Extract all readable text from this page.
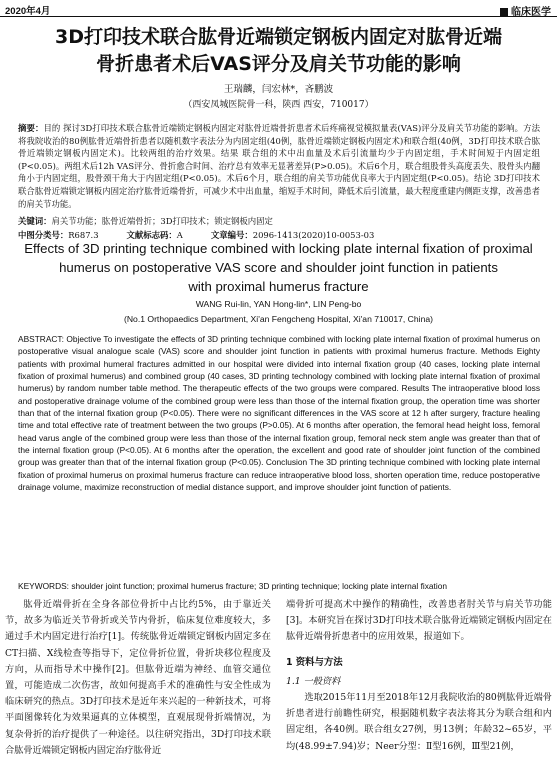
2020年4月	临床医学
3D打印技术联合肱骨近端锁定钢板内固定对肱骨近端
骨折患者术后VAS评分及肩关节功能的影响
王瑞麟，闫宏林*，吝鹏波
（西安凤城医院骨一科，陕西 西安，710017）
摘要：目的 探讨3D打印技术联合肱骨近端锁定钢板内固定对肱骨近端骨折患者术后疼痛视觉模拟量表(VAS)评分及肩关节功能的影响。方法 将我院收治的80例肱骨近端骨折患者以随机数字表法分为内固定组(40例，肱骨近端锁定钢板内固定术)和联合组(40例，3D打印技术联合肱骨近端锁定钢板内固定术)。比较两组的治疗效果。结果 联合组的术中出血量及术后引流量均少于内固定组，手术时间短于内固定组(P<0.05)。两组术后12h VAS评分、骨折愈合时间、治疗总有效率无显著差异(P>0.05)。术后6个月，联合组股骨头高度丢失、股骨头内翻角小于内固定组，股骨颈干角大于内固定组(P<0.05)。术后6个月，联合组的肩关节功能优良率大于内固定组(P<0.05)。结论 3D打印技术联合肱骨近端锁定钢板内固定治疗肱骨近端骨折，可减少术中出血量，缩短手术时间，降低术后引流量，最大程度重建内侧距支撑，改善患者的肩关节功能。
关键词：肩关节功能；肱骨近端骨折；3D打印技术；锁定钢板内固定
中图分类号：R687.3	文献标志码：A	文章编号：2096-1413(2020)10-0053-03
Effects of 3D printing technique combined with locking plate internal fixation of proximal
humerus on postoperative VAS score and shoulder joint function in patients
with proximal humerus fracture
WANG Rui-lin, YAN Hong-lin*, LIN Peng-bo
(No.1 Orthopaedics Department, Xi'an Fengcheng Hospital, Xi'an 710017, China)
ABSTRACT: Objective To investigate the effects of 3D printing technique combined with locking plate internal fixation of proximal humerus on postoperative visual analogue scale (VAS) score and shoulder joint function in patients with proximal humerus fracture. Methods Eighty patients with proximal humeral fractures admitted in our hospital were divided into internal fixation group (40 cases, locking plate internal fixation of proximal humerus) and combined group (40 cases, 3D printing technology combined with locking plate internal fixation of proximal humerus) by random number table method. The therapeutic effects of the two groups were compared. Results The intraoperative blood loss and postoperative drainage volume of the combined group were less than those of the internal fixation group, the operation time was shorter than that of the internal fixation group (P<0.05). There were no significant differences in the VAS score at 12 h after surgery, fracture healing time and total effective rate of treatment between the two groups (P>0.05). At 6 months after operation, the femoral head height loss, femoral head varus angle of the combined group were less than those of the internal fixation group, femoral neck stem angle was greater than that of the internal fixation group (P<0.05). At 6 months after the operation, the excellent and good rate of shoulder joint function of the combined group was greater than that of the internal fixation group (P<0.05). Conclusion The 3D printing technique combined with locking plate internal fixation of proximal humerus on proximal humerus fracture can reduce intraoperative blood loss, shorten operation time, reduce postoperative drainage volume, maximize reconstruction of medial distance support, and improve shoulder joint function of patients.
KEYWORDS: shoulder joint function; proximal humerus fracture; 3D printing technique; locking plate internal fixation

肱骨近端骨折在全身各部位骨折中占比约5%，由于靠近关节，故多为临近关节骨折或关节内骨折，临床复位难度较大，多通过手术内固定进行治疗[1]。传统肱骨近端锁定钢板内固定多在CT扫描、X线检查等指导下，定位骨折位置，骨折块移位程度及方向，从而指导术中操作[2]。但肱骨近端为神经、血管交通位置，可能造成二次伤害，故如何提高手术的准确性与安全性成为临床研究的热点。3D打印技术是近年来兴起的一种新技术，可将平面图像转化为效果逼真的立体模型，直观展现骨折端情况，为复杂骨折的治疗提供了一种途径。以往研究指出，3D打印技术联合肱骨近端锁定钢板内固定治疗肱骨近

端骨折可提高术中操作的精确性，改善患者肘关节与肩关节功能[3]。本研究旨在探讨3D打印技术联合肱骨近端锁定钢板内固定在肱骨近端骨折患者中的应用效果，报道如下。

1 资料与方法
1.1 一般资料

选取2015年11月至2018年12月我院收治的80例肱骨近端骨折患者进行前瞻性研究，根据随机数字表法将其分为联合组和内固定组，各40例。联合组女27例，男13例；年龄32~65岁，平均(48.99±7.94)岁；Neer分型：Ⅱ型16例，Ⅲ型21例，
